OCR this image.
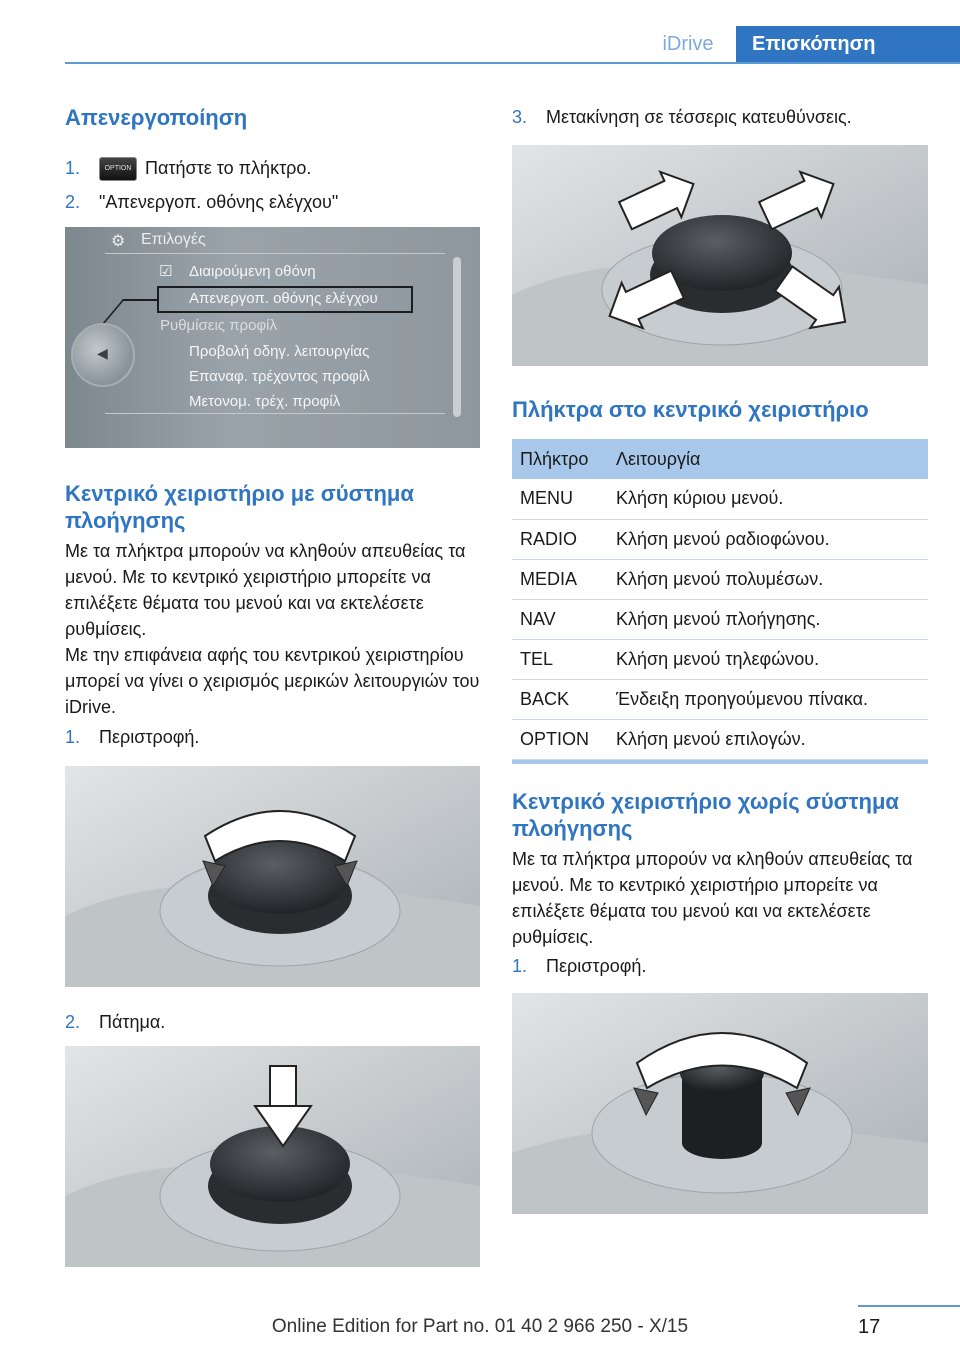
iDrive	Επισκόπηση
Απενεργοποίηση
1.	OPTION Πατήστε το πλήκτρο.
2. "Απενεργοπ. οθόνης ελέγχου"
⚙ Επιλογές
☑ Διαιρούμενη οθόνη
Απενεργοπ. οθόνης ελέγχου
Ρυθμίσεις προφίλ
Προβολή οδηγ. λειτουργίας
Επαναφ. τρέχοντος προφίλ
Μετονομ. τρέχ. προφίλ
◀
Κεντρικό χειριστήριο με σύστημα πλοήγησης

Με τα πλήκτρα μπορούν να κληθούν απευθείας τα μενού. Με το κεντρικό χειριστήριο μπορείτε να επιλέξετε θέματα του μενού και να εκτελέσετε ρυθμίσεις.

Με την επιφάνεια αφής του κεντρικού χειριστηρίου μπορεί να γίνει ο χειρισμός μερικών λειτουργιών του iDrive.

1. Περιστροφή.
2. Πάτημα.
3. Μετακίνηση σε τέσσερις κατευθύνσεις.
Πλήκτρα στο κεντρικό χειριστήριο
Πλήκτρο	Λειτουργία
MENU	Κλήση κύριου μενού.
RADIO	Κλήση μενού ραδιοφώνου.
MEDIA	Κλήση μενού πολυμέσων.
NAV	Κλήση μενού πλοήγησης.
TEL	Κλήση μενού τηλεφώνου.
BACK	Ένδειξη προηγούμενου πίνακα.
OPTION	Κλήση μενού επιλογών.
Κεντρικό χειριστήριο χωρίς σύστημα πλοήγησης

Με τα πλήκτρα μπορούν να κληθούν απευθείας τα μενού. Με το κεντρικό χειριστήριο μπορείτε να επιλέξετε θέματα του μενού και να εκτελέσετε ρυθμίσεις.

1. Περιστροφή.
17
Online Edition for Part no. 01 40 2 966 250 - X/15
